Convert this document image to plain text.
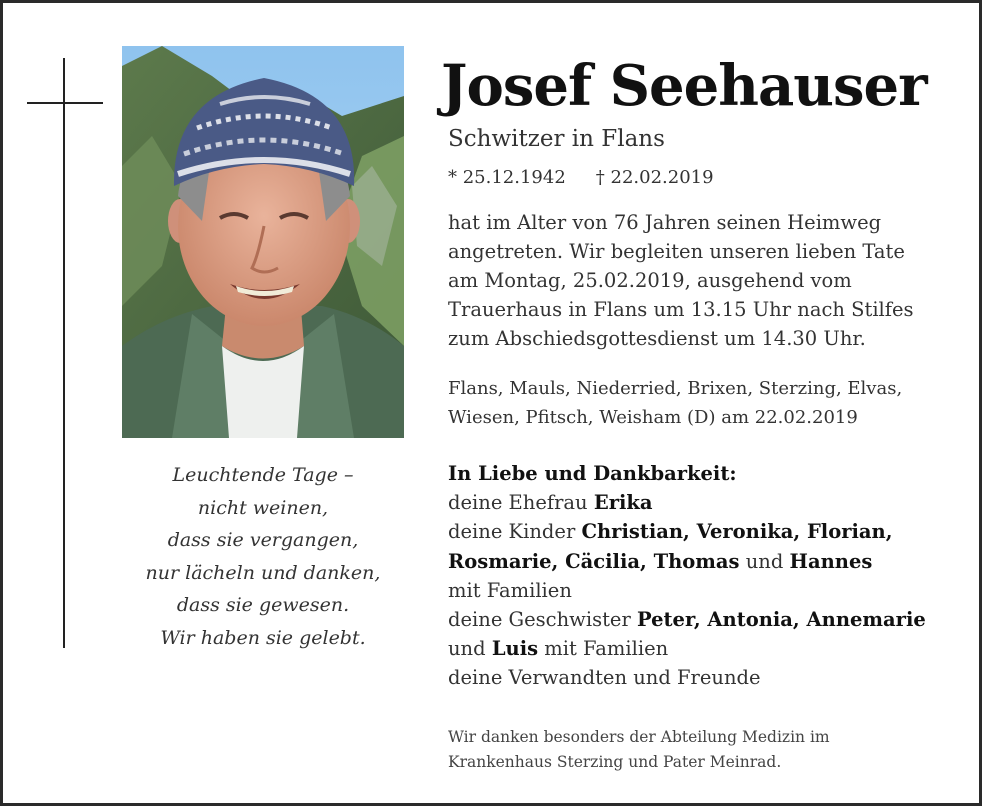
Leuchtende Tage –
nicht weinen,
dass sie vergangen,
nur lächeln und danken,
dass sie gewesen.
Wir haben sie gelebt.
Josef Seehauser
Schwitzer in Flans
* 25.12.1942 † 22.02.2019
hat im Alter von 76 Jahren seinen Heimweg
angetreten. Wir begleiten unseren lieben Tate
am Montag, 25.02.2019, ausgehend vom
Trauerhaus in Flans um 13.15 Uhr nach Stilfes
zum Abschiedsgottesdienst um 14.30 Uhr.
Flans, Mauls, Niederried, Brixen, Sterzing, Elvas,
Wiesen, Pfitsch, Weisham (D) am 22.02.2019
In Liebe und Dankbarkeit:
deine Ehefrau Erika
deine Kinder Christian, Veronika, Florian,
Rosmarie, Cäcilia, Thomas und Hannes
mit Familien
deine Geschwister Peter, Antonia, Annemarie
und Luis mit Familien
deine Verwandten und Freunde
Wir danken besonders der Abteilung Medizin im
Krankenhaus Sterzing und Pater Meinrad.
